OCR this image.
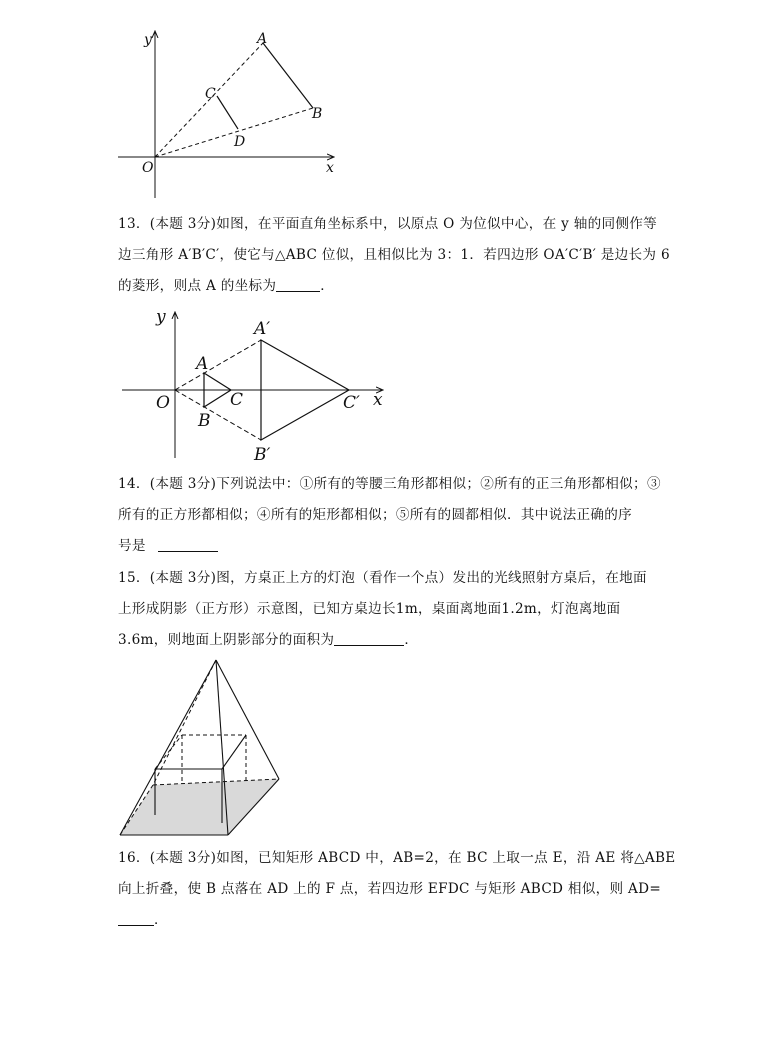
y
x
O
A
B
C
D
y
x
O
A
B
C
A′
B′
C′
13．(本题 3分)如图，在平面直角坐标系中，以原点 O 为位似中心，在 y 轴的同侧作等
边三角形 A′B′C′，使它与△ABC 位似，且相似比为 3：1．若四边形 OA′C′B′ 是边长为 6
的菱形，则点 A 的坐标为	．
14．(本题 3分)下列说法中：①所有的等腰三角形都相似；②所有的正三角形都相似；③
所有的正方形都相似；④所有的矩形都相似；⑤所有的圆都相似．其中说法正确的序
号是
15．(本题 3分)图，方桌正上方的灯泡（看作一个点）发出的光线照射方桌后，在地面
上形成阴影（正方形）示意图，已知方桌边长1m，桌面离地面1.2m，灯泡离地面
3.6m，则地面上阴影部分的面积为	．
16．(本题 3分)如图，已知矩形 ABCD 中，AB=2，在 BC 上取一点 E，沿 AE 将△ABE
向上折叠，使 B 点落在 AD 上的 F 点，若四边形 EFDC 与矩形 ABCD 相似，则 AD=
．
